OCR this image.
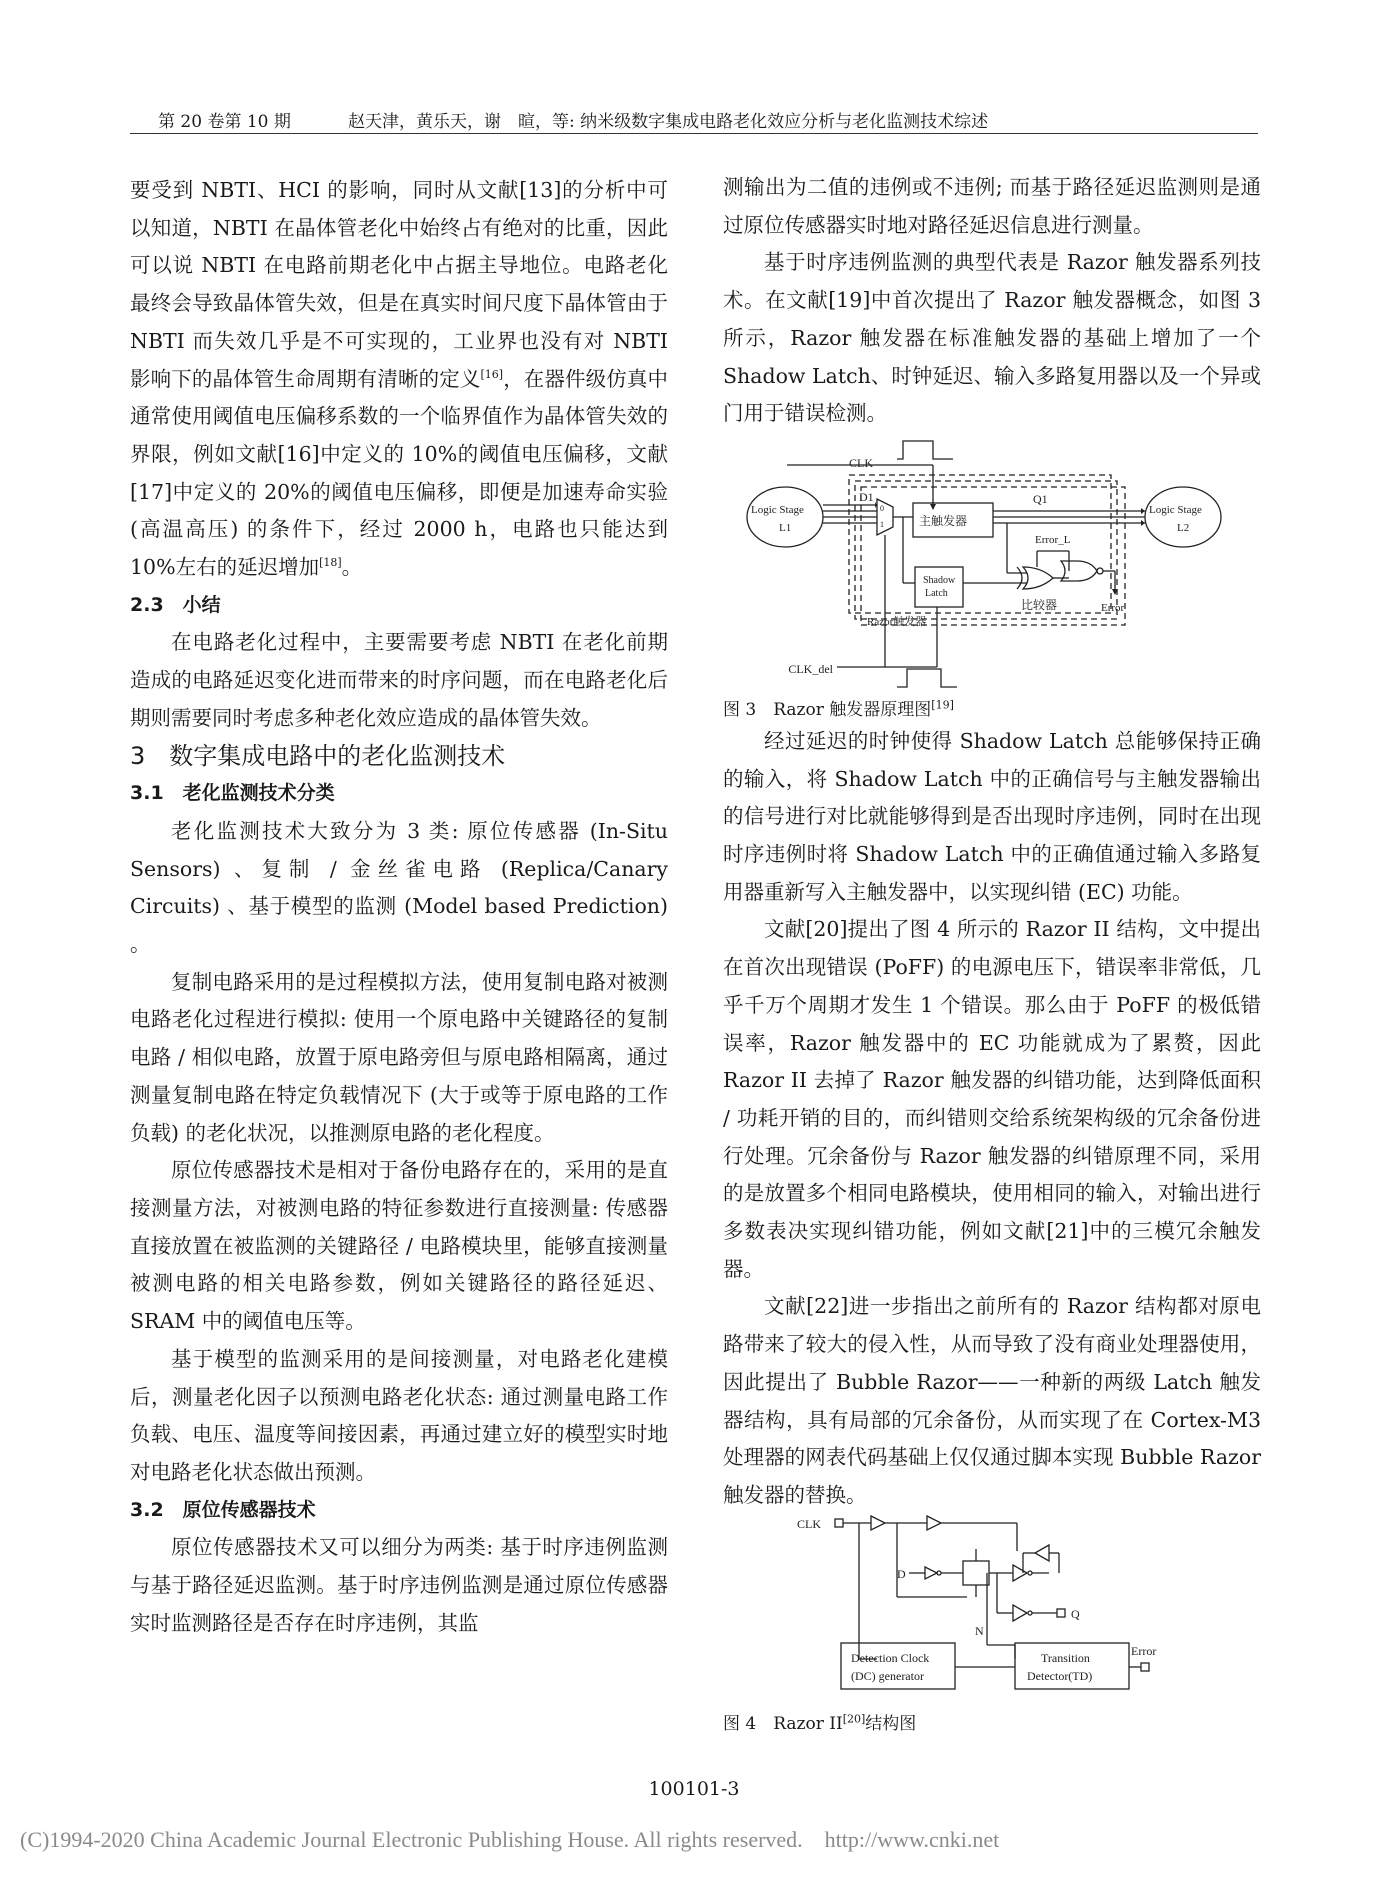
第 20 卷第 10 期	赵天津，黄乐天，谢　暄，等: 纳米级数字集成电路老化效应分析与老化监测技术综述

要受到 NBTI、HCI 的影响，同时从文献[13]的分析中可以知道，NBTI 在晶体管老化中始终占有绝对的比重，因此可以说 NBTI 在电路前期老化中占据主导地位。电路老化最终会导致晶体管失效，但是在真实时间尺度下晶体管由于 NBTI 而失效几乎是不可实现的，工业界也没有对 NBTI 影响下的晶体管生命周期有清晰的定义[16]，在器件级仿真中通常使用阈值电压偏移系数的一个临界值作为晶体管失效的界限，例如文献[16]中定义的 10%的阈值电压偏移，文献[17]中定义的 20%的阈值电压偏移，即便是加速寿命实验(高温高压) 的条件下，经过 2000 h，电路也只能达到 10%左右的延迟增加[18]。

2.3　小结

在电路老化过程中，主要需要考虑 NBTI 在老化前期造成的电路延迟变化进而带来的时序问题，而在电路老化后期则需要同时考虑多种老化效应造成的晶体管失效。

3　数字集成电路中的老化监测技术

3.1　老化监测技术分类

老化监测技术大致分为 3 类: 原位传感器 (In-Situ Sensors) 、复制 / 金丝雀电路 (Replica/Canary Circuits) 、基于模型的监测 (Model based Prediction) 。

复制电路采用的是过程模拟方法，使用复制电路对被测电路老化过程进行模拟: 使用一个原电路中关键路径的复制电路 / 相似电路，放置于原电路旁但与原电路相隔离，通过测量复制电路在特定负载情况下 (大于或等于原电路的工作负载) 的老化状况，以推测原电路的老化程度。

原位传感器技术是相对于备份电路存在的，采用的是直接测量方法，对被测电路的特征参数进行直接测量: 传感器直接放置在被监测的关键路径 / 电路模块里，能够直接测量被测电路的相关电路参数，例如关键路径的路径延迟、SRAM 中的阈值电压等。

基于模型的监测采用的是间接测量，对电路老化建模后，测量老化因子以预测电路老化状态: 通过测量电路工作负载、电压、温度等间接因素，再通过建立好的模型实时地对电路老化状态做出预测。

3.2　原位传感器技术

原位传感器技术又可以细分为两类: 基于时序违例监测与基于路径延迟监测。基于时序违例监测是通过原位传感器实时监测路径是否存在时序违例，其监

测输出为二值的违例或不违例; 而基于路径延迟监测则是通过原位传感器实时地对路径延迟信息进行测量。

基于时序违例监测的典型代表是 Razor 触发器系列技术。在文献[19]中首次提出了 Razor 触发器概念，如图 3 所示，Razor 触发器在标准触发器的基础上增加了一个 Shadow Latch、时钟延迟、输入多路复用器以及一个异或门用于错误检测。

CLK
CLK_del
Logic Stage
L1
Logic Stage
L2
D1	Q1
主触发器
Error_L
Shadow
Latch
比较器
Razor触发器
Error
0
1

图 3　Razor 触发器原理图[19]

经过延迟的时钟使得 Shadow Latch 总能够保持正确的输入，将 Shadow Latch 中的正确信号与主触发器输出的信号进行对比就能够得到是否出现时序违例，同时在出现时序违例时将 Shadow Latch 中的正确值通过输入多路复用器重新写入主触发器中，以实现纠错 (EC) 功能。

文献[20]提出了图 4 所示的 Razor II 结构，文中提出在首次出现错误 (PoFF) 的电源电压下，错误率非常低，几乎千万个周期才发生 1 个错误。那么由于 PoFF 的极低错误率，Razor 触发器中的 EC 功能就成为了累赘，因此 Razor II 去掉了 Razor 触发器的纠错功能，达到降低面积 / 功耗开销的目的，而纠错则交给系统架构级的冗余备份进行处理。冗余备份与 Razor 触发器的纠错原理不同，采用的是放置多个相同电路模块，使用相同的输入，对输出进行多数表决实现纠错功能，例如文献[21]中的三模冗余触发器。

文献[22]进一步指出之前所有的 Razor 结构都对原电路带来了较大的侵入性，从而导致了没有商业处理器使用，因此提出了 Bubble Razor——一种新的两级 Latch 触发器结构，具有局部的冗余备份，从而实现了在 Cortex-M3 处理器的网表代码基础上仅仅通过脚本实现 Bubble Razor 触发器的替换。

CLK
D
Q
N
Detection Clock
(DC) generator
Transition
Detector(TD)
Error

图 4　Razor II[20]结构图

100101-3
(C)1994-2020 China Academic Journal Electronic Publishing House. All rights reserved.　http://www.cnki.net
